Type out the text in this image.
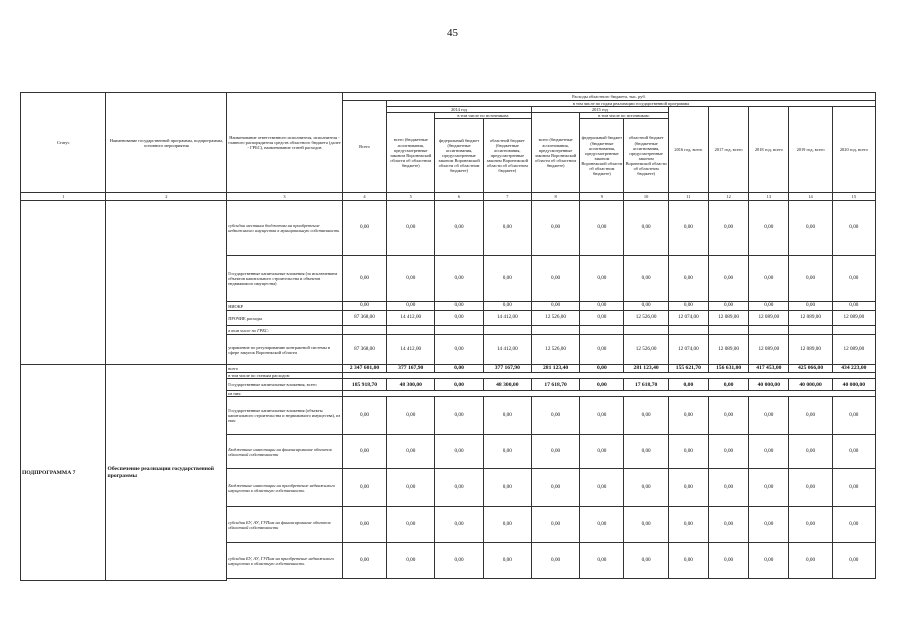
45
Статус	Наименование государственной программы, подпрограммы, основного мероприятия	Наименование ответственного исполнителя, исполнителя - главного распорядителя средств областного бюджета (далее - ГРБС), наименование статей расходов	Расходы областного бюджета, тыс. руб.											
			Всего	в том числе по годам реализации государственной программы										
				2014 год			2015 год			2016 год, всего	2017 год, всего	2018 год, всего	2019 год, всего	2020 год, всего
				всего (бюджетные ассигнования, предусмотренные законом Воронежской области об областном бюджете)	в том числе по источникам:		всего (бюджетные ассигнования, предусмотренные законом Воронежской области об областном бюджете)	в том числе по источникам:						
					федеральный бюджет (бюджетные ассигнования, предусмотренные законом Воронежской области об областном бюджете)	областной бюджет (бюджетные ассигнования, предусмотренные законом Воронежской области об областном бюджете)		федеральный бюджет (бюджетные ассигнования, предусмотренные законом Воронежской области об областном бюджете)	областной бюджет (бюджетные ассигнования, предусмотренные законом Воронежской области об областном бюджете)					
1	2	3	4	5	6	7	8	9	10	11	12	13	14	15
		субсидии местным бюджетам на приобретение недвижимого имущества в муниципальную собственность	0,00	0,00	0,00	0,00	0,00	0,00	0,00	0,00	0,00	0,00	0,00	0,00
		Государственные капитальные вложения (за исключением объектов капитального строительства и объектов недвижимого имущества)	0,00	0,00	0,00	0,00	0,00	0,00	0,00	0,00	0,00	0,00	0,00	0,00
		НИОКР	0,00	0,00	0,00	0,00	0,00	0,00	0,00	0,00	0,00	0,00	0,00	0,00
		ПРОЧИЕ расходы	87 368,00	14 412,00	0,00	14 412,00	12 526,00	0,00	12 526,00	12 074,00	12 089,00	12 089,00	12 089,00	12 089,00
		в том числе по ГРБС:												
		управление по регулированию контрактной системы в сфере закупок Воронежской области	87 368,00	14 412,00	0,00	14 412,00	12 526,00	0,00	12 526,00	12 074,00	12 089,00	12 089,00	12 089,00	12 089,00
ПОДПРОГРАММА 7	Обеспечение реализации государственной программы	всего	2 347 601,00	377 167,90	0,00	377 167,90	281 123,40	0,00	281 123,40	155 621,70	156 631,00	417 453,00	425 066,00	434 223,00
		в том числе по статьям расходов:												
		Государственные капитальные вложения, всего	185 918,70	48 300,00	0,00	48 300,00	17 618,70	0,00	17 618,70	0,00	0,00	40 000,00	40 000,00	40 000,00
		из них:												
		Государственные капитальные вложения (объекты капитального строительства и недвижимого имущества), из них:	0,00	0,00	0,00	0,00	0,00	0,00	0,00	0,00	0,00	0,00	0,00	0,00
		Бюджетные инвестиции на финансирование объектов областной собственности	0,00	0,00	0,00	0,00	0,00	0,00	0,00	0,00	0,00	0,00	0,00	0,00
		Бюджетные инвестиции на приобретение недвижимого имущества в областную собственность	0,00	0,00	0,00	0,00	0,00	0,00	0,00	0,00	0,00	0,00	0,00	0,00
		субсидии БУ, АУ, ГУПам на финансирование объектов областной собственности	0,00	0,00	0,00	0,00	0,00	0,00	0,00	0,00	0,00	0,00	0,00	0,00
		субсидии БУ, АУ, ГУПам на приобретение недвижимого имущества в областную собственность	0,00	0,00	0,00	0,00	0,00	0,00	0,00	0,00	0,00	0,00	0,00	0,00
